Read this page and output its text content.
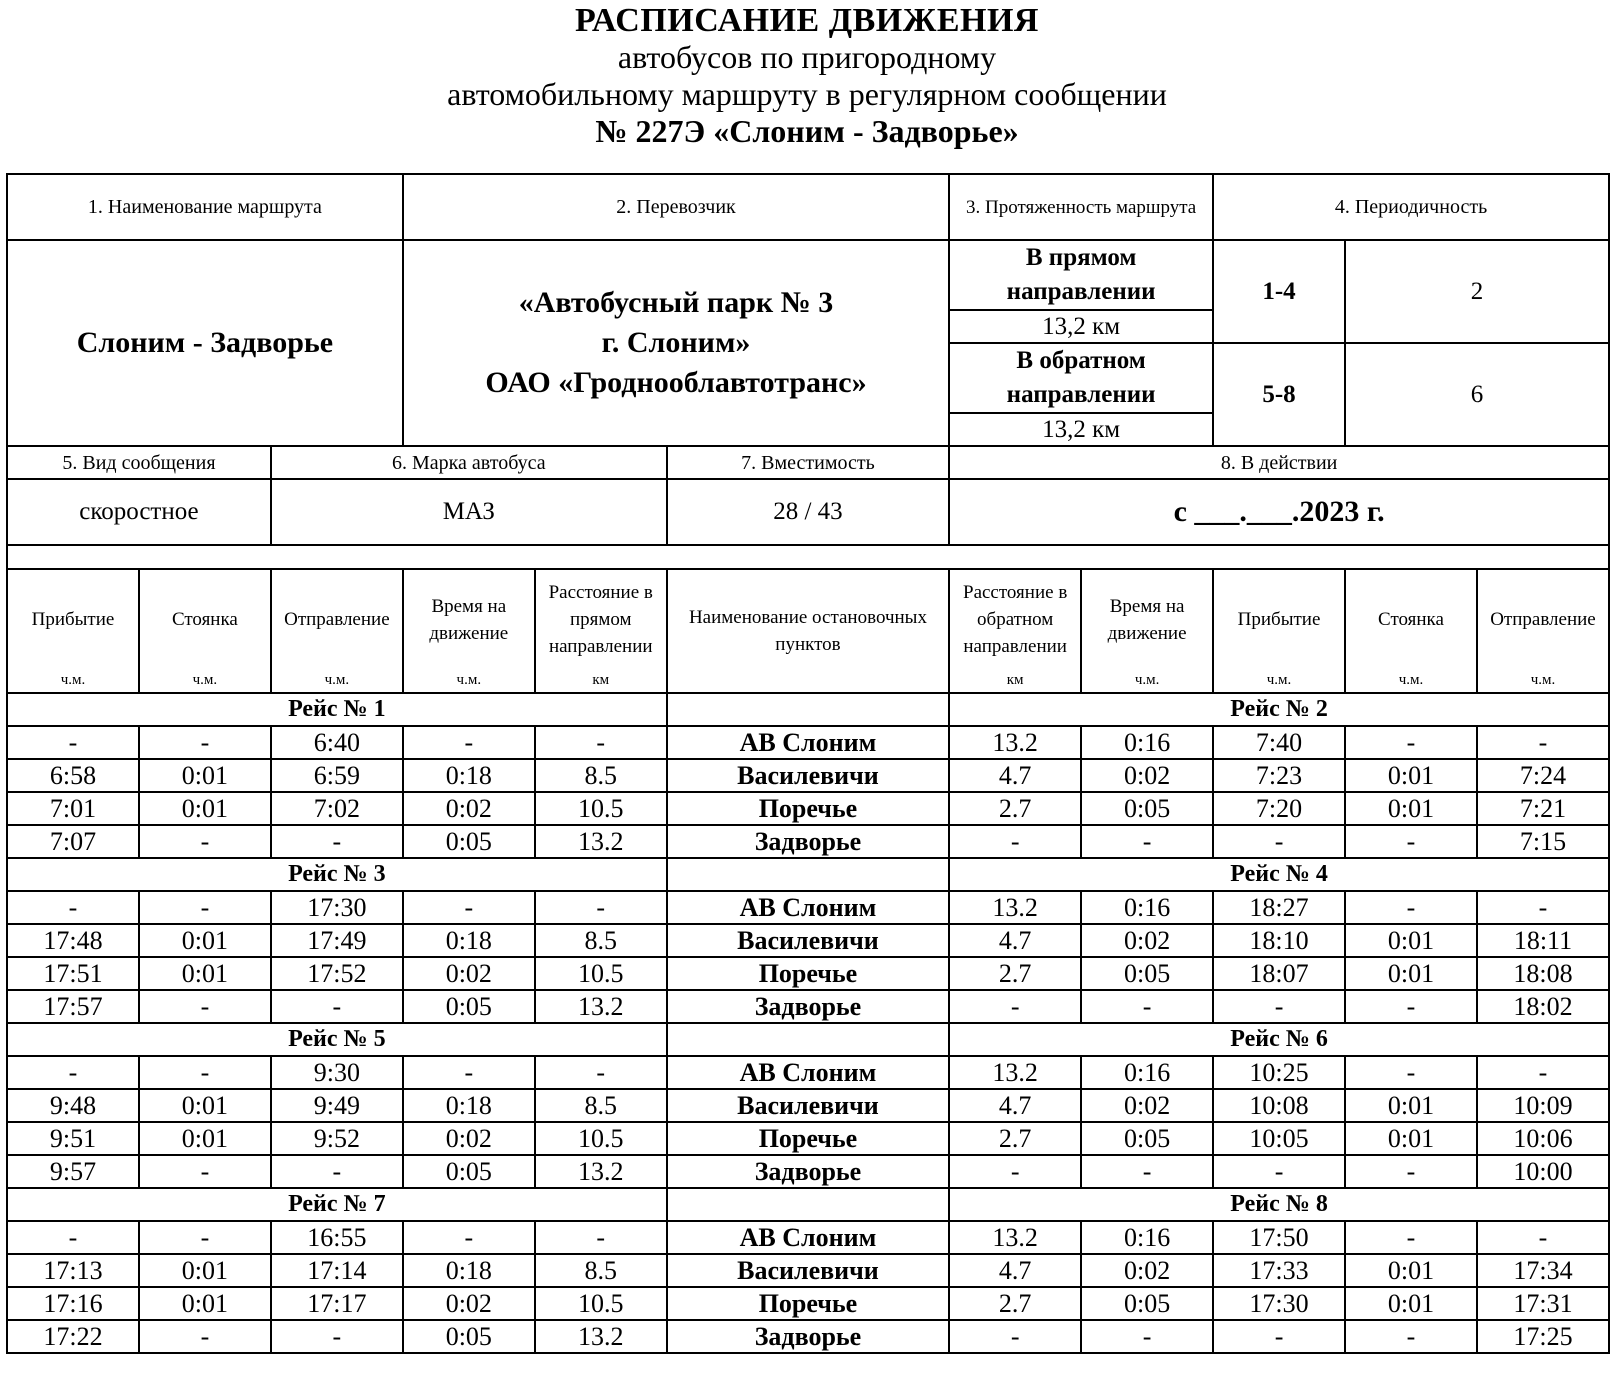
РАСПИСАНИЕ ДВИЖЕНИЯ
автобусов по пригородному
автомобильному маршруту в регулярном сообщении
№ 227Э «Слоним - Задворье»
1. Наименование маршрута			2. Перевозчик			3. Протяженность маршрута		4. Периодичность		
Слоним - Задворье			«Автобусный парк № 3
г. Слоним»
ОАО «Гроднооблавтотранс»			В прямом направлении		1-4	2	
						13,2 км				
						В обратном направлении		5-8	6	
						13,2 км				
5. Вид сообщения		6. Марка автобуса			7. Вместимость	8. В действии				
скоростное		МАЗ			28 / 43	с ___.___.2023 г.				

Прибытие	Стоянка	Отправление	Время на движение	Расстояние в прямом направлении	Наименование остановочных пунктов	Расстояние в обратном направлении	Время на движение	Прибытие	Стоянка	Отправление
ч.м.	ч.м.	ч.м.	ч.м.	км		км	ч.м.	ч.м.	ч.м.	ч.м.
Рейс № 1						Рейс № 2				
-	-	6:40	-	-	АВ Слоним	13.2	0:16	7:40	-	-
6:58	0:01	6:59	0:18	8.5	Василевичи	4.7	0:02	7:23	0:01	7:24
7:01	0:01	7:02	0:02	10.5	Поречье	2.7	0:05	7:20	0:01	7:21
7:07	-	-	0:05	13.2	Задворье	-	-	-	-	7:15
Рейс № 3						Рейс № 4				
-	-	17:30	-	-	АВ Слоним	13.2	0:16	18:27	-	-
17:48	0:01	17:49	0:18	8.5	Василевичи	4.7	0:02	18:10	0:01	18:11
17:51	0:01	17:52	0:02	10.5	Поречье	2.7	0:05	18:07	0:01	18:08
17:57	-	-	0:05	13.2	Задворье	-	-	-	-	18:02
Рейс № 5						Рейс № 6				
-	-	9:30	-	-	АВ Слоним	13.2	0:16	10:25	-	-
9:48	0:01	9:49	0:18	8.5	Василевичи	4.7	0:02	10:08	0:01	10:09
9:51	0:01	9:52	0:02	10.5	Поречье	2.7	0:05	10:05	0:01	10:06
9:57	-	-	0:05	13.2	Задворье	-	-	-	-	10:00
Рейс № 7						Рейс № 8				
-	-	16:55	-	-	АВ Слоним	13.2	0:16	17:50	-	-
17:13	0:01	17:14	0:18	8.5	Василевичи	4.7	0:02	17:33	0:01	17:34
17:16	0:01	17:17	0:02	10.5	Поречье	2.7	0:05	17:30	0:01	17:31
17:22	-	-	0:05	13.2	Задворье	-	-	-	-	17:25
